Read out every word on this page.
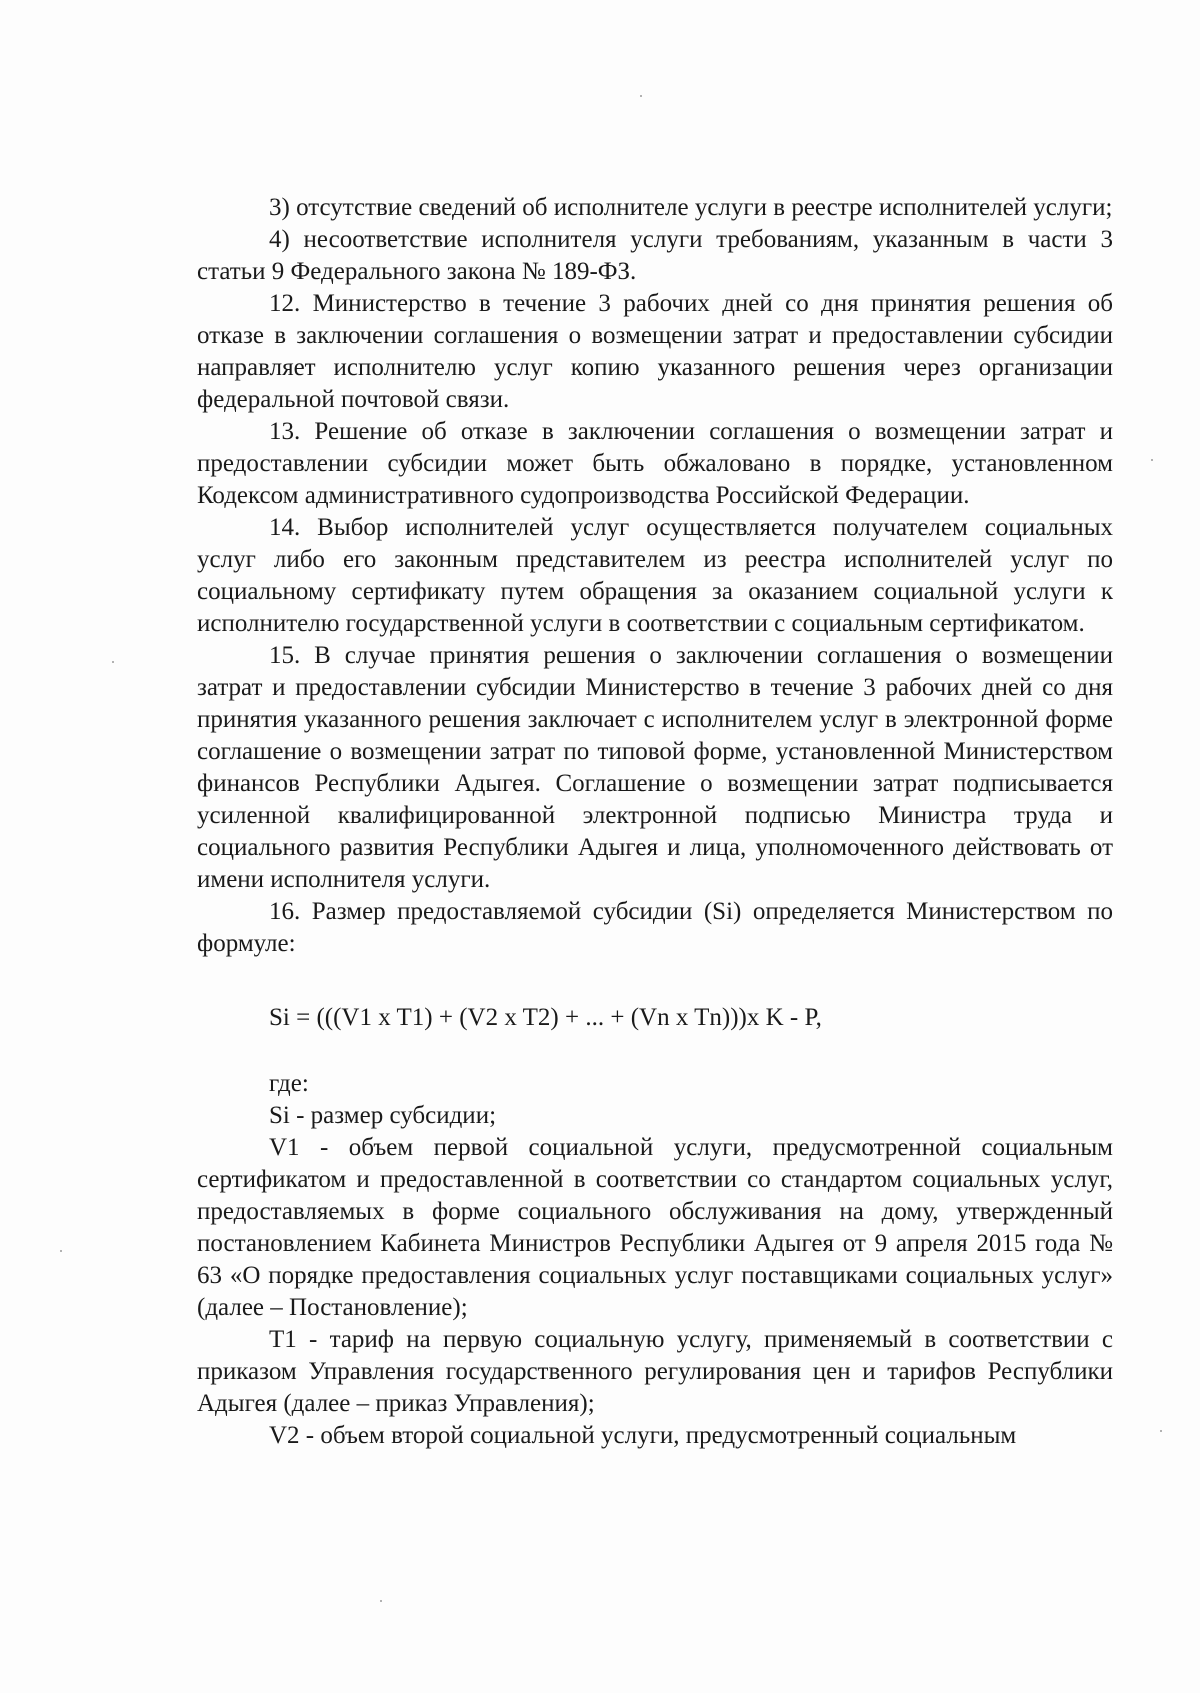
3) отсутствие сведений об исполнителе услуги в реестре исполнителей услуги;

4) несоответствие исполнителя услуги требованиям, указанным в части 3 статьи 9 Федерального закона № 189-ФЗ.

12. Министерство в течение 3 рабочих дней со дня принятия решения об отказе в заключении соглашения о возмещении затрат и предоставлении субсидии направляет исполнителю услуг копию указанного решения через организации федеральной почтовой связи.

13. Решение об отказе в заключении соглашения о возмещении затрат и предоставлении субсидии может быть обжаловано в порядке, установленном Кодексом административного судопроизводства Российской Федерации.

14. Выбор исполнителей услуг осуществляется получателем социальных услуг либо его законным представителем из реестра исполнителей услуг по социальному сертификату путем обращения за оказанием социальной услуги к исполнителю государственной услуги в соответствии с социальным сертификатом.

15. В случае принятия решения о заключении соглашения о возмещении затрат и предоставлении субсидии Министерство в течение 3 рабочих дней со дня принятия указанного решения заключает с исполнителем услуг в электронной форме соглашение о возмещении затрат по типовой форме, установленной Министерством финансов Республики Адыгея. Соглашение о возмещении затрат подписывается усиленной квалифицированной электронной подписью Министра труда и социального развития Республики Адыгея и лица, уполномоченного действовать от имени исполнителя услуги.

16. Размер предоставляемой субсидии (Si) определяется Министерством по формуле:

Si = (((V1 x T1) + (V2 x T2) + ... + (Vn x Tn)))x K - P,
где:

Si - размер субсидии;

V1 - объем первой социальной услуги, предусмотренной социальным сертификатом и предоставленной в соответствии со стандартом социальных услуг, предоставляемых в форме социального обслуживания на дому, утвержденный постановлением Кабинета Министров Республики Адыгея от 9 апреля 2015 года № 63 «О порядке предоставления социальных услуг поставщиками социальных услуг» (далее – Постановление);

T1 - тариф на первую социальную услугу, применяемый в соответствии с приказом Управления государственного регулирования цен и тарифов Республики Адыгея (далее – приказ Управления);

V2 - объем второй социальной услуги, предусмотренный социальным
